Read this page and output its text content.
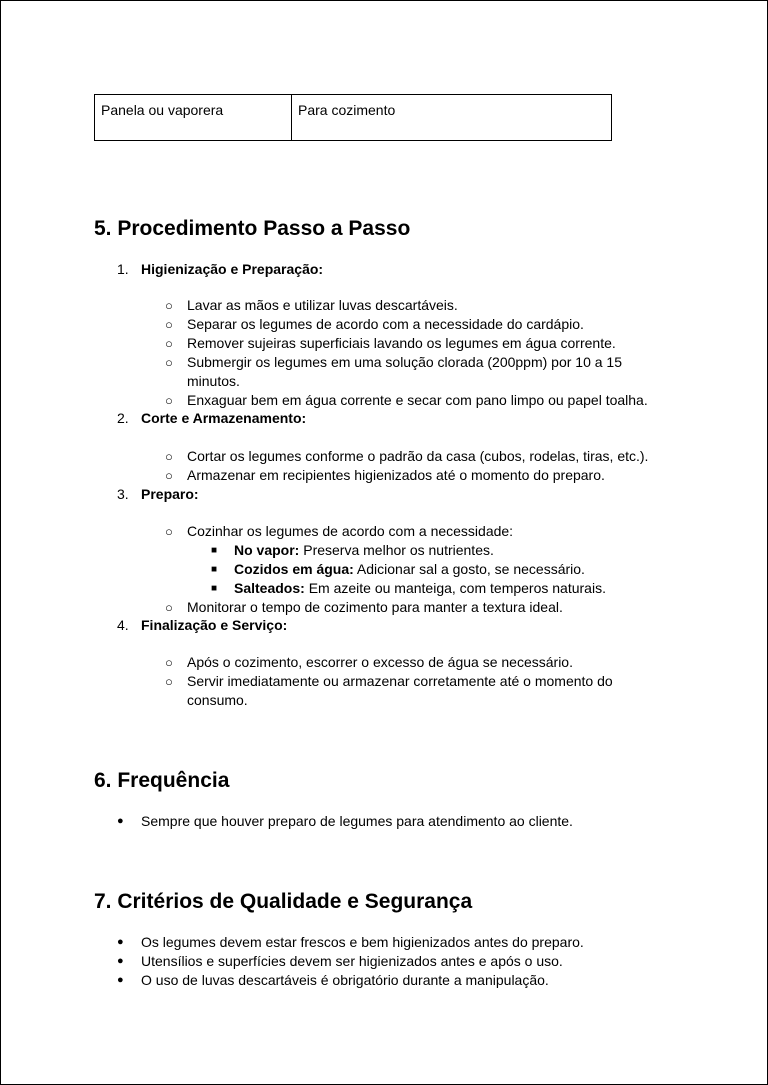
Panela ou vaporera	Para cozimento
5. Procedimento Passo a Passo
1. Higienização e Preparação:
○ Lavar as mãos e utilizar luvas descartáveis.
○ Separar os legumes de acordo com a necessidade do cardápio.
○ Remover sujeiras superficiais lavando os legumes em água corrente.
○ Submergir os legumes em uma solução clorada (200ppm) por 10 a 15
minutos.
○ Enxaguar bem em água corrente e secar com pano limpo ou papel toalha.
2. Corte e Armazenamento:
○ Cortar os legumes conforme o padrão da casa (cubos, rodelas, tiras, etc.).
○ Armazenar em recipientes higienizados até o momento do preparo.
3. Preparo:
○ Cozinhar os legumes de acordo com a necessidade:
■ No vapor: Preserva melhor os nutrientes.
■ Cozidos em água: Adicionar sal a gosto, se necessário.
■ Salteados: Em azeite ou manteiga, com temperos naturais.
○ Monitorar o tempo de cozimento para manter a textura ideal.
4. Finalização e Serviço:
○ Após o cozimento, escorrer o excesso de água se necessário.
○ Servir imediatamente ou armazenar corretamente até o momento do
consumo.
6. Frequência
● Sempre que houver preparo de legumes para atendimento ao cliente.
7. Critérios de Qualidade e Segurança
● Os legumes devem estar frescos e bem higienizados antes do preparo.
● Utensílios e superfícies devem ser higienizados antes e após o uso.
● O uso de luvas descartáveis é obrigatório durante a manipulação.
